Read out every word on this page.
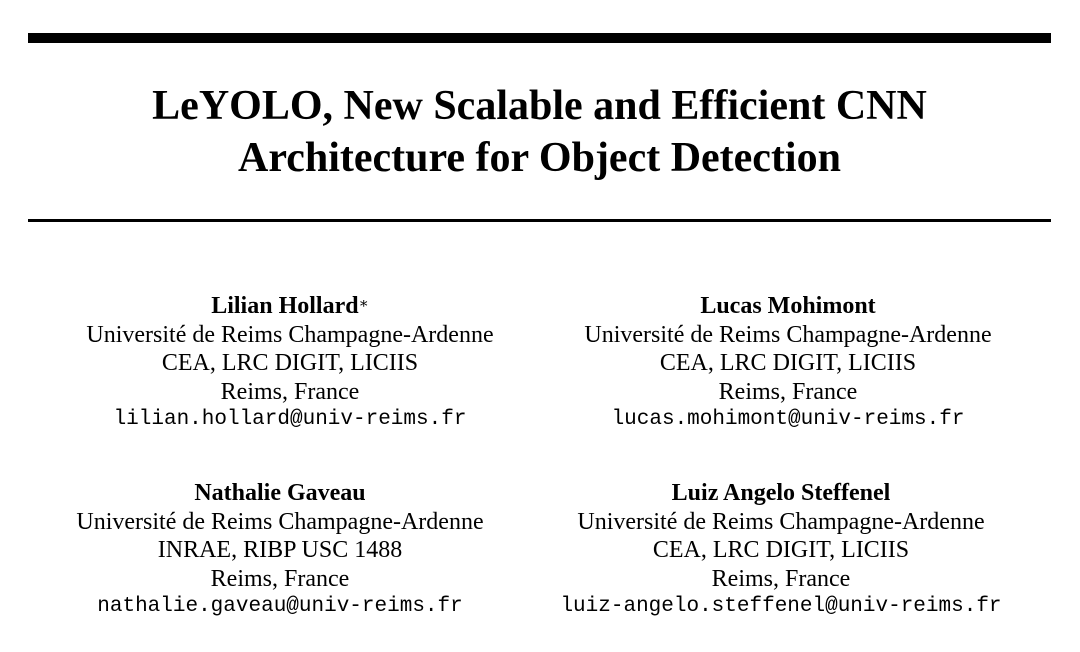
LeYOLO, New Scalable and Efficient CNN
Architecture for Object Detection
Lilian Hollard∗
Université de Reims Champagne-Ardenne
CEA, LRC DIGIT, LICIIS
Reims, France
lilian.hollard@univ-reims.fr
Lucas Mohimont
Université de Reims Champagne-Ardenne
CEA, LRC DIGIT, LICIIS
Reims, France
lucas.mohimont@univ-reims.fr
Nathalie Gaveau
Université de Reims Champagne-Ardenne
INRAE, RIBP USC 1488
Reims, France
nathalie.gaveau@univ-reims.fr
Luiz Angelo Steffenel
Université de Reims Champagne-Ardenne
CEA, LRC DIGIT, LICIIS
Reims, France
luiz-angelo.steffenel@univ-reims.fr
